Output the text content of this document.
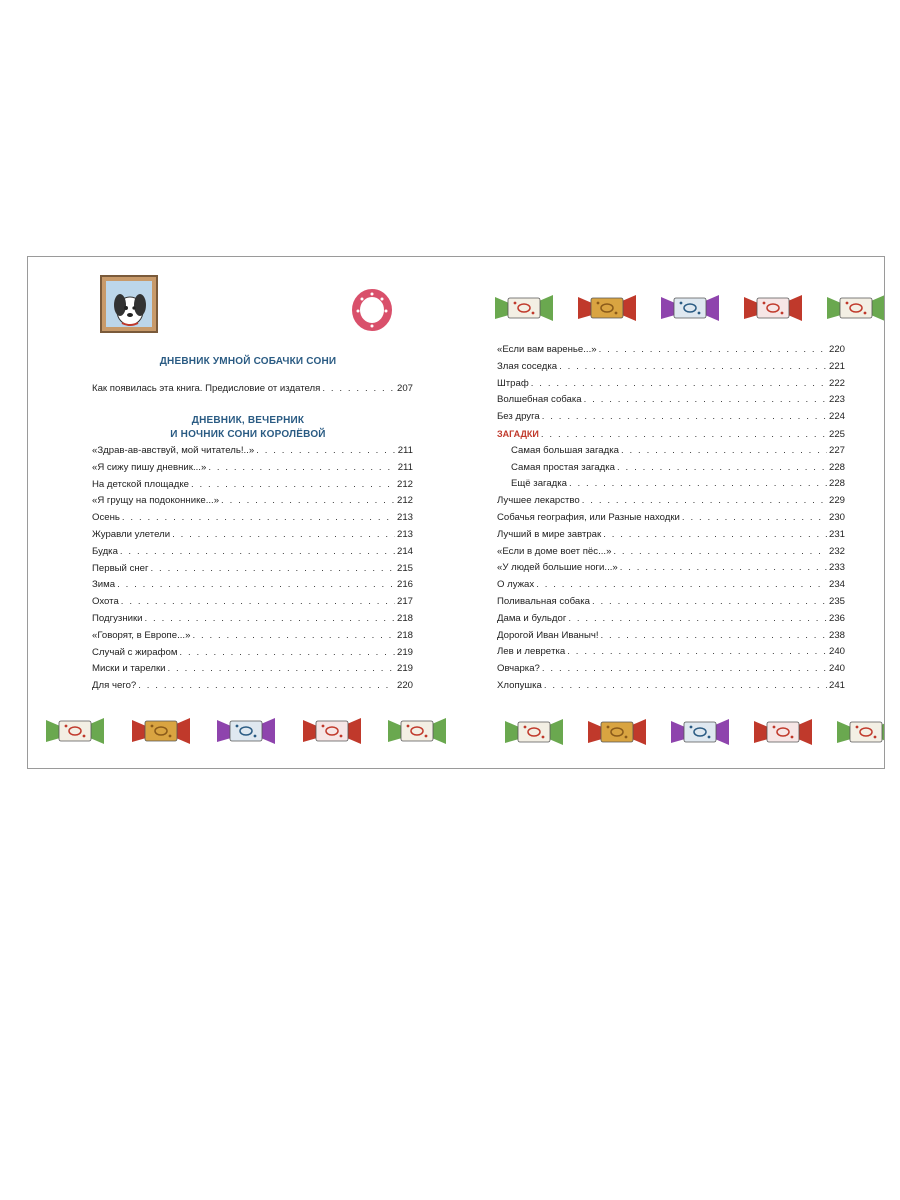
ДНЕВНИК УМНОЙ СОБАЧКИ СОНИ
Как появилась эта книга. Предисловие от издателя . . .	207
ДНЕВНИК, ВЕЧЕРНИК
И НОЧНИК СОНИ КОРОЛЁВОЙ
«Здрав-ав-авствуй, мой читатель!..» . . .	211
«Я сижу пишу дневник...» . . .	211
На детской площадке . . .	212
«Я грущу на подоконнике...» . . .	212
Осень . . .	213
Журавли улетели . . .	213
Будка . . .	214
Первый снег . . .	215
Зима . . .	216
Охота . . .	217
Подгузники . . .	218
«Говорят, в Европе...» . . .	218
Случай с жирафом . . .	219
Миски и тарелки . . .	219
Для чего? . . .	220
«Если вам варенье...» . . .	220
Злая соседка . . .	221
Штраф . . .	222
Волшебная собака . . .	223
Без друга . . .	224
ЗАГАДКИ . . .	225
Самая большая загадка . . .	227
Самая простая загадка . . .	228
Ещё загадка . . .	228
Лучшее лекарство . . .	229
Собачья география, или Разные находки . . .	230
Лучший в мире завтрак . . .	231
«Если в доме воет пёс...» . . .	232
«У людей большие ноги...» . . .	233
О лужах . . .	234
Поливальная собака . . .	235
Дама и бульдог . . .	236
Дорогой Иван Иваныч! . . .	238
Лев и леврeтка . . .	240
Овчарка? . . .	240
Хлопушка . . .	241
